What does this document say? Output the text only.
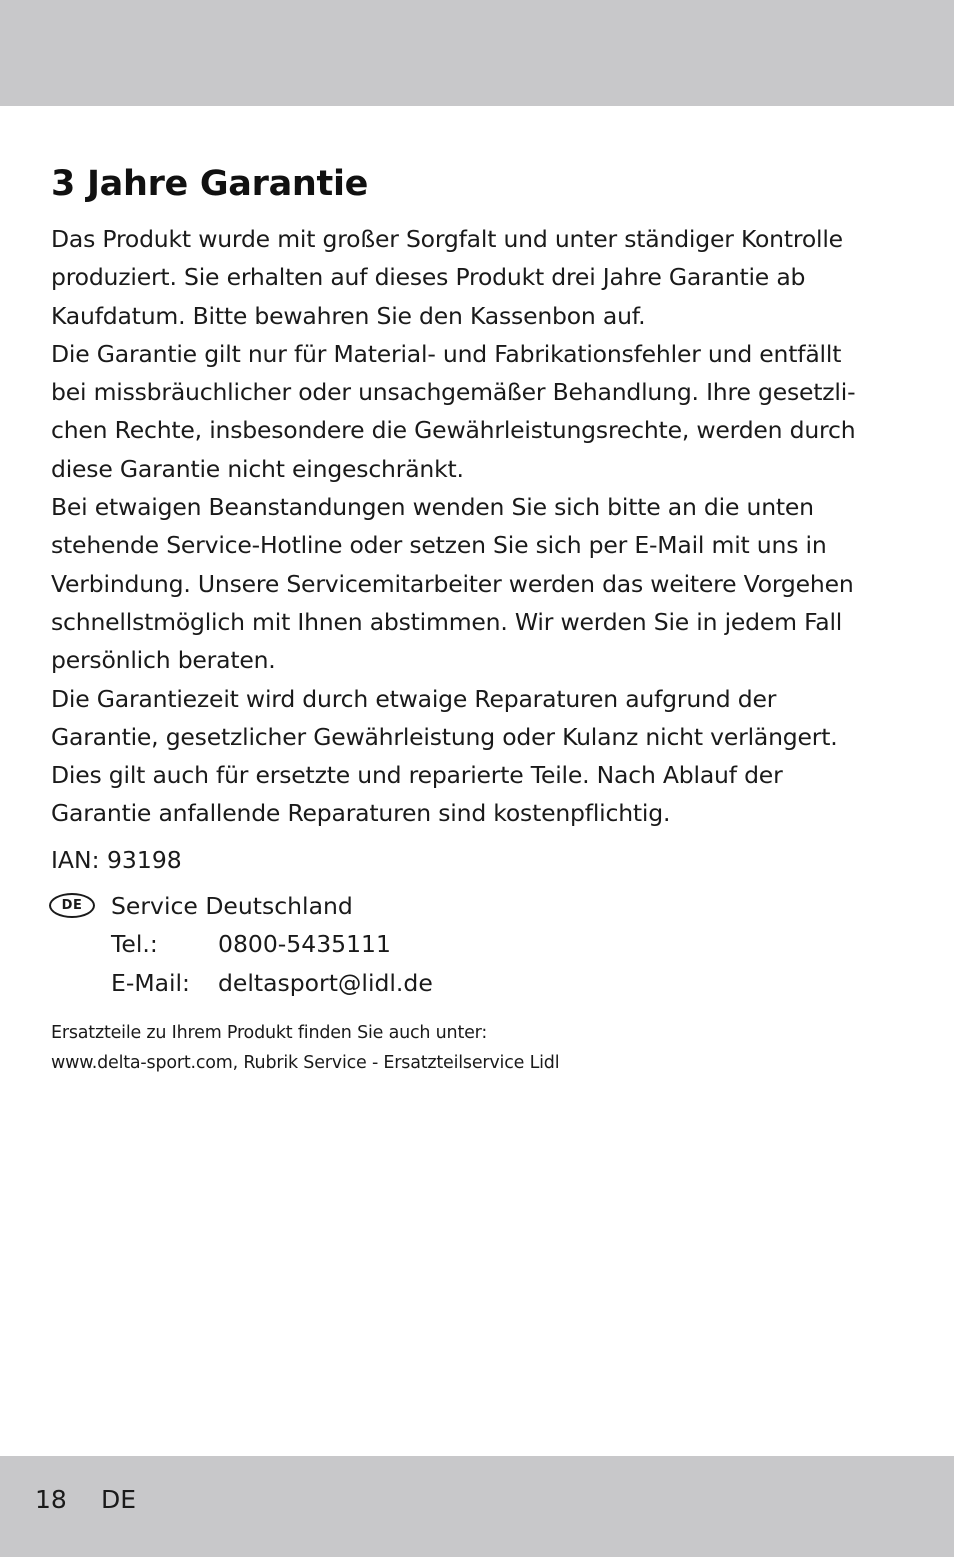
3 Jahre Garantie

Das Produkt wurde mit großer Sorgfalt und unter ständiger Kontrolle
produziert. Sie erhalten auf dieses Produkt drei Jahre Garantie ab
Kaufdatum. Bitte bewahren Sie den Kassenbon auf.

Die Garantie gilt nur für Material- und Fabrikationsfehler und entfällt
bei missbräuchlicher oder unsachgemäßer Behandlung. Ihre gesetzli-
chen Rechte, insbesondere die Gewährleistungsrechte, werden durch
diese Garantie nicht eingeschränkt.

Bei etwaigen Beanstandungen wenden Sie sich bitte an die unten
stehende Service-Hotline oder setzen Sie sich per E-Mail mit uns in
Verbindung. Unsere Servicemitarbeiter werden das weitere Vorgehen
schnellstmöglich mit Ihnen abstimmen. Wir werden Sie in jedem Fall
persönlich beraten.

Die Garantiezeit wird durch etwaige Reparaturen aufgrund der
Garantie, gesetzlicher Gewährleistung oder Kulanz nicht verlängert.
Dies gilt auch für ersetzte und reparierte Teile. Nach Ablauf der
Garantie anfallende Reparaturen sind kostenpflichtig.

IAN: 93198
DE	Service Deutschland
Tel.:	0800-5435111
E-Mail:	deltasport@lidl.de
Ersatzteile zu Ihrem Produkt finden Sie auch unter:
www.delta-sport.com, Rubrik Service - Ersatzteilservice Lidl
18	DE
